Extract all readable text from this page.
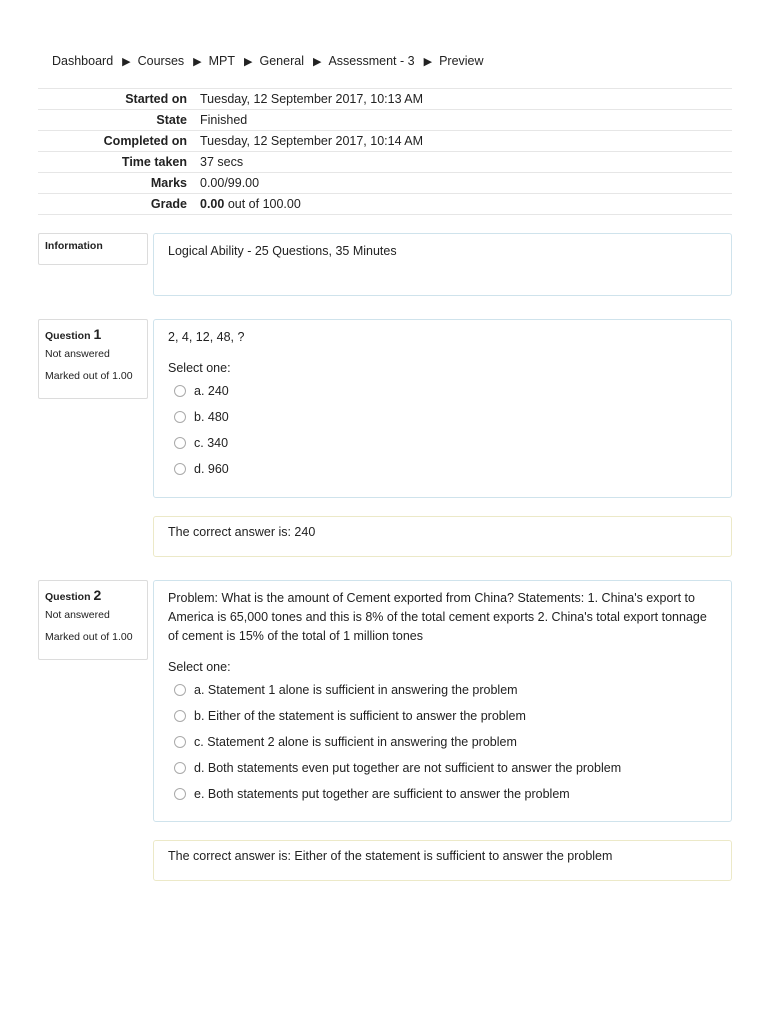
Dashboard ▶ Courses ▶ MPT ▶ General ▶ Assessment - 3 ▶ Preview
Started on	Tuesday, 12 September 2017, 10:13 AM
State	Finished
Completed on	Tuesday, 12 September 2017, 10:14 AM
Time taken	37 secs
Marks	0.00/99.00
Grade	0.00 out of 100.00
Information	Logical Ability - 25 Questions, 35 Minutes
Question 1
Not answered
Marked out of 1.00
2, 4, 12, 48, ?
Select one:
a. 240
b. 480
c. 340
d. 960
The correct answer is: 240
Question 2
Not answered
Marked out of 1.00
Problem: What is the amount of Cement exported from China? Statements: 1. China's export to America is 65,000 tones and this is 8% of the total cement exports 2. China's total export tonnage of cement is 15% of the total of 1 million tones
Select one:
a. Statement 1 alone is sufficient in answering the problem
b. Either of the statement is sufficient to answer the problem
c. Statement 2 alone is sufficient in answering the problem
d. Both statements even put together are not sufficient to answer the problem
e. Both statements put together are sufficient to answer the problem
The correct answer is: Either of the statement is sufficient to answer the problem
